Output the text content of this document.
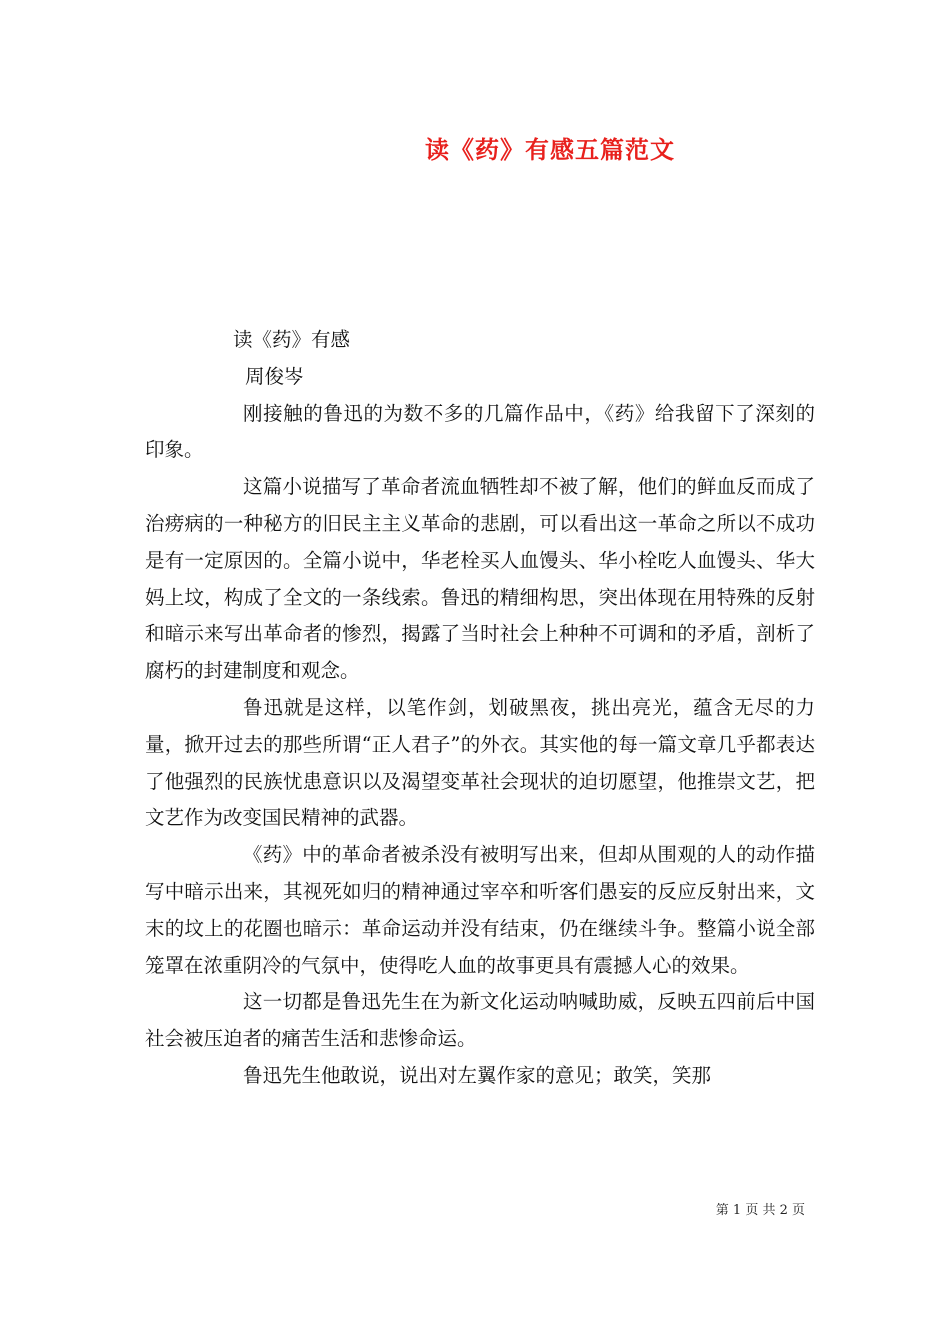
读《药》有感五篇范文

读《药》有感

周俊岑

刚接触的鲁迅的为数不多的几篇作品中，《药》给我留下了深刻的印象。

这篇小说描写了革命者流血牺牲却不被了解，他们的鲜血反而成了治痨病的一种秘方的旧民主主义革命的悲剧，可以看出这一革命之所以不成功是有一定原因的。全篇小说中，华老栓买人血馒头、华小栓吃人血馒头、华大妈上坟，构成了全文的一条线索。鲁迅的精细构思，突出体现在用特殊的反射和暗示来写出革命者的惨烈，揭露了当时社会上种种不可调和的矛盾，剖析了腐朽的封建制度和观念。

鲁迅就是这样，以笔作剑，划破黑夜，挑出亮光，蕴含无尽的力量，掀开过去的那些所谓“正人君子”的外衣。其实他的每一篇文章几乎都表达了他强烈的民族忧患意识以及渴望变革社会现状的迫切愿望，他推崇文艺，把文艺作为改变国民精神的武器。

《药》中的革命者被杀没有被明写出来，但却从围观的人的动作描写中暗示出来，其视死如归的精神通过宰卒和听客们愚妄的反应反射出来，文末的坟上的花圈也暗示：革命运动并没有结束，仍在继续斗争。整篇小说全部笼罩在浓重阴冷的气氛中，使得吃人血的故事更具有震撼人心的效果。

这一切都是鲁迅先生在为新文化运动呐喊助威，反映五四前后中国社会被压迫者的痛苦生活和悲惨命运。

鲁迅先生他敢说，说出对左翼作家的意见；敢笑，笑那

第 1 页 共 2 页
